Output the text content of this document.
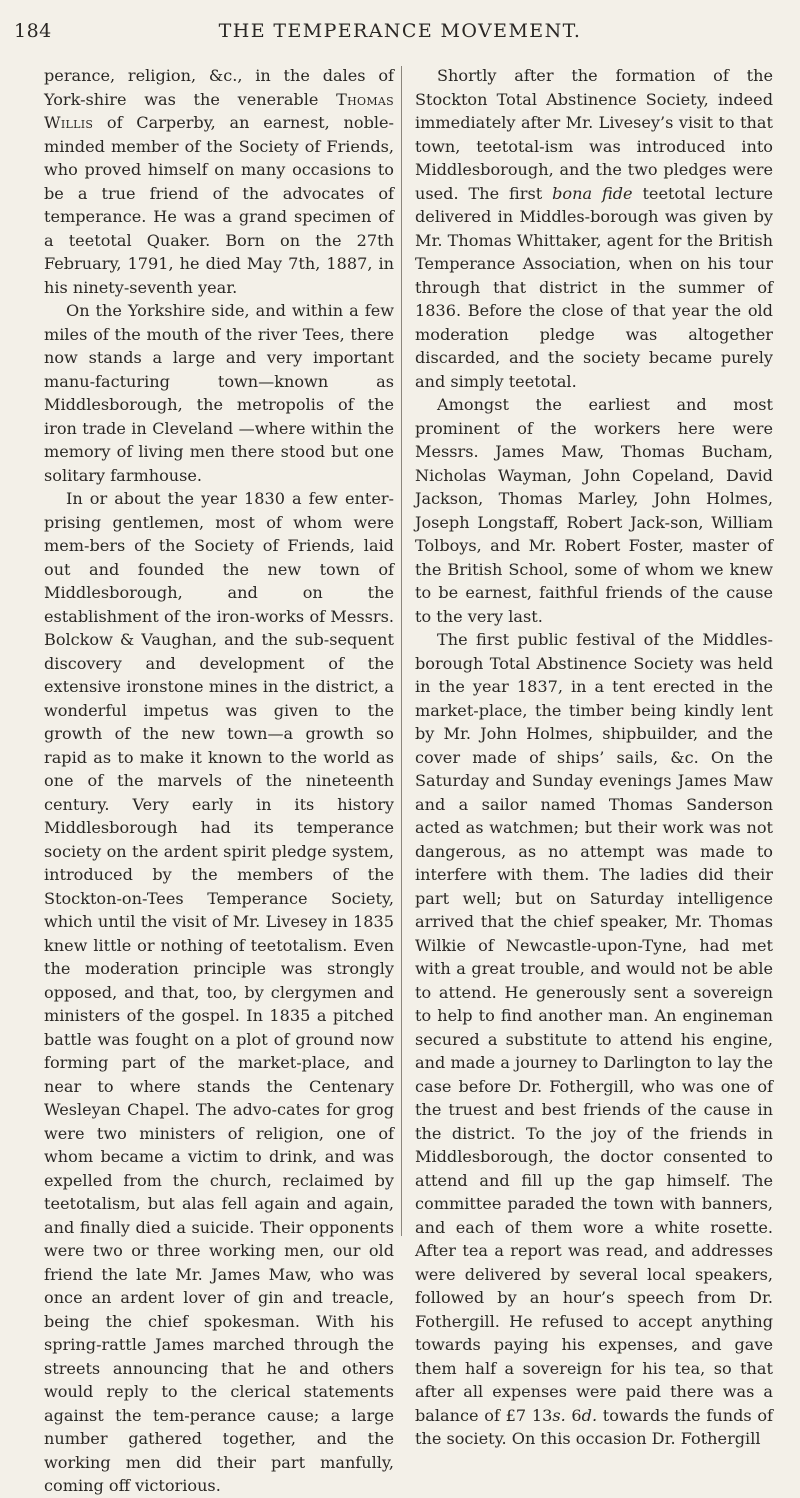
184	THE TEMPERANCE MOVEMENT.

perance, religion, &c., in the dales of York-shire was the venerable Thomas Willis of Carperby, an earnest, noble-minded member of the Society of Friends, who proved himself on many occasions to be a true friend of the advocates of temperance. He was a grand specimen of a teetotal Quaker. Born on the 27th February, 1791, he died May 7th, 1887, in his ninety-seventh year.

On the Yorkshire side, and within a few miles of the mouth of the river Tees, there now stands a large and very important manu-facturing town—known as Middlesborough, the metropolis of the iron trade in Cleveland —where within the memory of living men there stood but one solitary farmhouse.

In or about the year 1830 a few enter-prising gentlemen, most of whom were mem-bers of the Society of Friends, laid out and founded the new town of Middlesborough, and on the establishment of the iron-works of Messrs. Bolckow & Vaughan, and the sub-sequent discovery and development of the extensive ironstone mines in the district, a wonderful impetus was given to the growth of the new town—a growth so rapid as to make it known to the world as one of the marvels of the nineteenth century. Very early in its history Middlesborough had its temperance society on the ardent spirit pledge system, introduced by the members of the Stockton-on-Tees Temperance Society, which until the visit of Mr. Livesey in 1835 knew little or nothing of teetotalism. Even the moderation principle was strongly opposed, and that, too, by clergymen and ministers of the gospel. In 1835 a pitched battle was fought on a plot of ground now forming part of the market-place, and near to where stands the Centenary Wesleyan Chapel. The advo-cates for grog were two ministers of religion, one of whom became a victim to drink, and was expelled from the church, reclaimed by teetotalism, but alas fell again and again, and finally died a suicide. Their opponents were two or three working men, our old friend the late Mr. James Maw, who was once an ardent lover of gin and treacle, being the chief spokesman. With his spring-rattle James marched through the streets announcing that he and others would reply to the clerical statements against the tem-perance cause; a large number gathered together, and the working men did their part manfully, coming off victorious.

Shortly after the formation of the Stockton Total Abstinence Society, indeed immediately after Mr. Livesey’s visit to that town, teetotal-ism was introduced into Middlesborough, and the two pledges were used. The first bona fide teetotal lecture delivered in Middles-borough was given by Mr. Thomas Whittaker, agent for the British Temperance Association, when on his tour through that district in the summer of 1836. Before the close of that year the old moderation pledge was altogether discarded, and the society became purely and simply teetotal.

Amongst the earliest and most prominent of the workers here were Messrs. James Maw, Thomas Bucham, Nicholas Wayman, John Copeland, David Jackson, Thomas Marley, John Holmes, Joseph Longstaff, Robert Jack-son, William Tolboys, and Mr. Robert Foster, master of the British School, some of whom we knew to be earnest, faithful friends of the cause to the very last.

The first public festival of the Middles-borough Total Abstinence Society was held in the year 1837, in a tent erected in the market-place, the timber being kindly lent by Mr. John Holmes, shipbuilder, and the cover made of ships’ sails, &c. On the Saturday and Sunday evenings James Maw and a sailor named Thomas Sanderson acted as watchmen; but their work was not dangerous, as no attempt was made to interfere with them. The ladies did their part well; but on Saturday intelligence arrived that the chief speaker, Mr. Thomas Wilkie of Newcastle-upon-Tyne, had met with a great trouble, and would not be able to attend. He generously sent a sovereign to help to find another man. An engineman secured a substitute to attend his engine, and made a journey to Darlington to lay the case before Dr. Fothergill, who was one of the truest and best friends of the cause in the district. To the joy of the friends in Middlesborough, the doctor consented to attend and fill up the gap himself. The committee paraded the town with banners, and each of them wore a white rosette. After tea a report was read, and addresses were delivered by several local speakers, followed by an hour’s speech from Dr. Fothergill. He refused to accept anything towards paying his expenses, and gave them half a sovereign for his tea, so that after all expenses were paid there was a balance of £7 13s. 6d. towards the funds of the society. On this occasion Dr. Fothergill
